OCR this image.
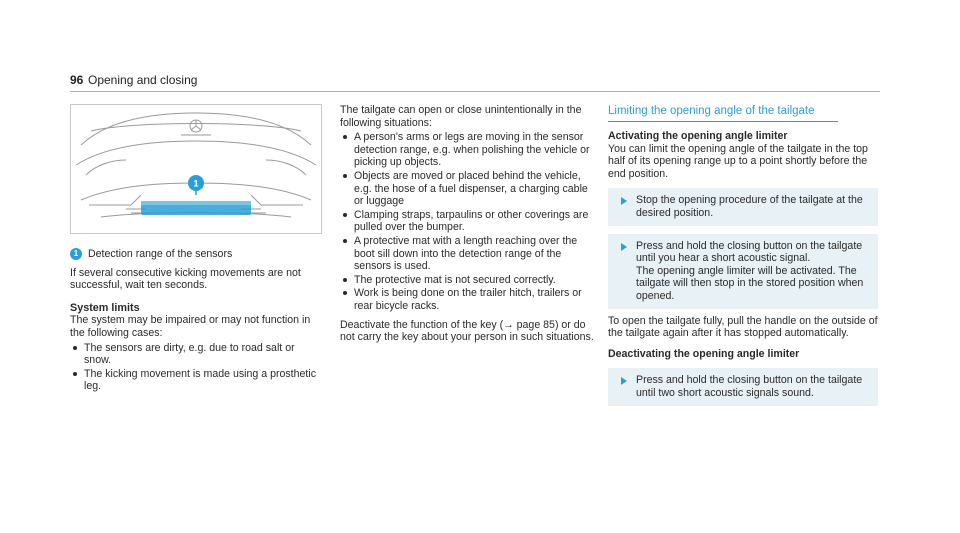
96 Opening and closing
1
1 Detection range of the sensors

If several consecutive kicking movements are not successful, wait ten seconds.

System limits

The system may be impaired or may not function in the following cases:

The sensors are dirty, e.g. due to road salt or snow.
The kicking movement is made using a prosthetic leg.

The tailgate can open or close unintentionally in the following situations:

A person's arms or legs are moving in the sensor detection range, e.g. when polishing the vehicle or picking up objects.
Objects are moved or placed behind the vehicle, e.g. the hose of a fuel dispenser, a charging cable or luggage
Clamping straps, tarpaulins or other coverings are pulled over the bumper.
A protective mat with a length reaching over the boot sill down into the detection range of the sensors is used.
The protective mat is not secured correctly.
Work is being done on the trailer hitch, trailers or rear bicycle racks.

Deactivate the function of the key (→ page 85) or do not carry the key about your person in such situations.

Limiting the opening angle of the tailgate

Activating the opening angle limiter

You can limit the opening angle of the tailgate in the top half of its opening range up to a point shortly before the end position.

Stop the opening procedure of the tailgate at the desired position.
Press and hold the closing button on the tailgate until you hear a short acoustic signal.
The opening angle limiter will be activated. The tailgate will then stop in the stored position when opened.

To open the tailgate fully, pull the handle on the outside of the tailgate again after it has stopped automatically.

Deactivating the opening angle limiter

Press and hold the closing button on the tailgate until two short acoustic signals sound.
